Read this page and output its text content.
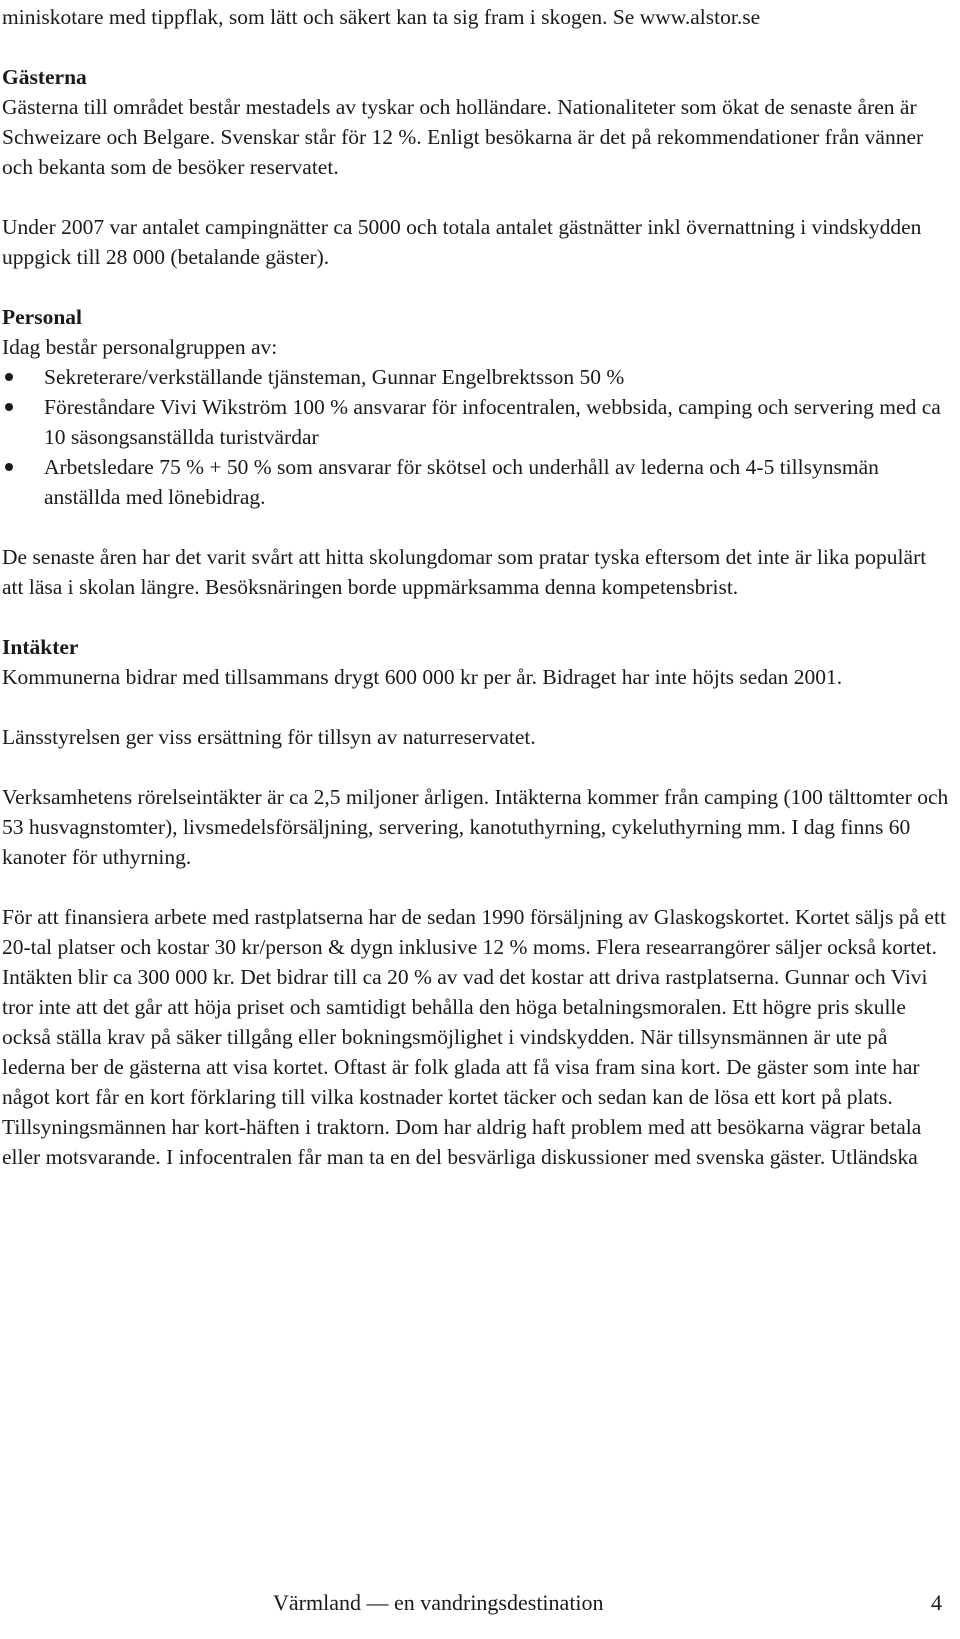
miniskotare med tippflak, som lätt och säkert kan ta sig fram i skogen. Se www.alstor.se

Gästerna

Gästerna till området består mestadels av tyskar och holländare. Nationaliteter som ökat de senaste åren är Schweizare och Belgare. Svenskar står för 12 %. Enligt besökarna är det på rekommendationer från vänner och bekanta som de besöker reservatet.

Under 2007 var antalet campingnätter ca 5000 och totala antalet gästnätter inkl övernattning i vindskydden uppgick till 28 000 (betalande gäster).

Personal

Idag består personalgruppen av:

Sekreterare/verkställande tjänsteman, Gunnar Engelbrektsson 50 %
Föreståndare Vivi Wikström 100 % ansvarar för infocentralen, webbsida, camping och servering med ca 10 säsongsanställda turistvärdar
Arbetsledare 75 % + 50 % som ansvarar för skötsel och underhåll av lederna och 4-5 tillsynsmän anställda med lönebidrag.

De senaste åren har det varit svårt att hitta skolungdomar som pratar tyska eftersom det inte är lika populärt att läsa i skolan längre. Besöksnäringen borde uppmärksamma denna kompetensbrist.

Intäkter

Kommunerna bidrar med tillsammans drygt 600 000 kr per år. Bidraget har inte höjts sedan 2001.

Länsstyrelsen ger viss ersättning för tillsyn av naturreservatet.

Verksamhetens rörelseintäkter är ca 2,5 miljoner årligen. Intäkterna kommer från camping (100 tälttomter och 53 husvagnstomter), livsmedelsförsäljning, servering, kanotuthyrning, cykeluthyrning mm. I dag finns 60 kanoter för uthyrning.

För att finansiera arbete med rastplatserna har de sedan 1990 försäljning av Glaskogskortet. Kortet säljs på ett 20-tal platser och kostar 30 kr/person & dygn inklusive 12 % moms. Flera researrangörer säljer också kortet. Intäkten blir ca 300 000 kr. Det bidrar till ca 20 % av vad det kostar att driva rastplatserna. Gunnar och Vivi tror inte att det går att höja priset och samtidigt behålla den höga betalningsmoralen. Ett högre pris skulle också ställa krav på säker tillgång eller bokningsmöjlighet i vindskydden. När tillsynsmännen är ute på lederna ber de gästerna att visa kortet. Oftast är folk glada att få visa fram sina kort. De gäster som inte har något kort får en kort förklaring till vilka kostnader kortet täcker och sedan kan de lösa ett kort på plats. Tillsyningsmännen har kort-häften i traktorn. Dom har aldrig haft problem med att besökarna vägrar betala eller motsvarande. I infocentralen får man ta en del besvärliga diskussioner med svenska gäster. Utländska

Värmland — en vandringsdestination	4
